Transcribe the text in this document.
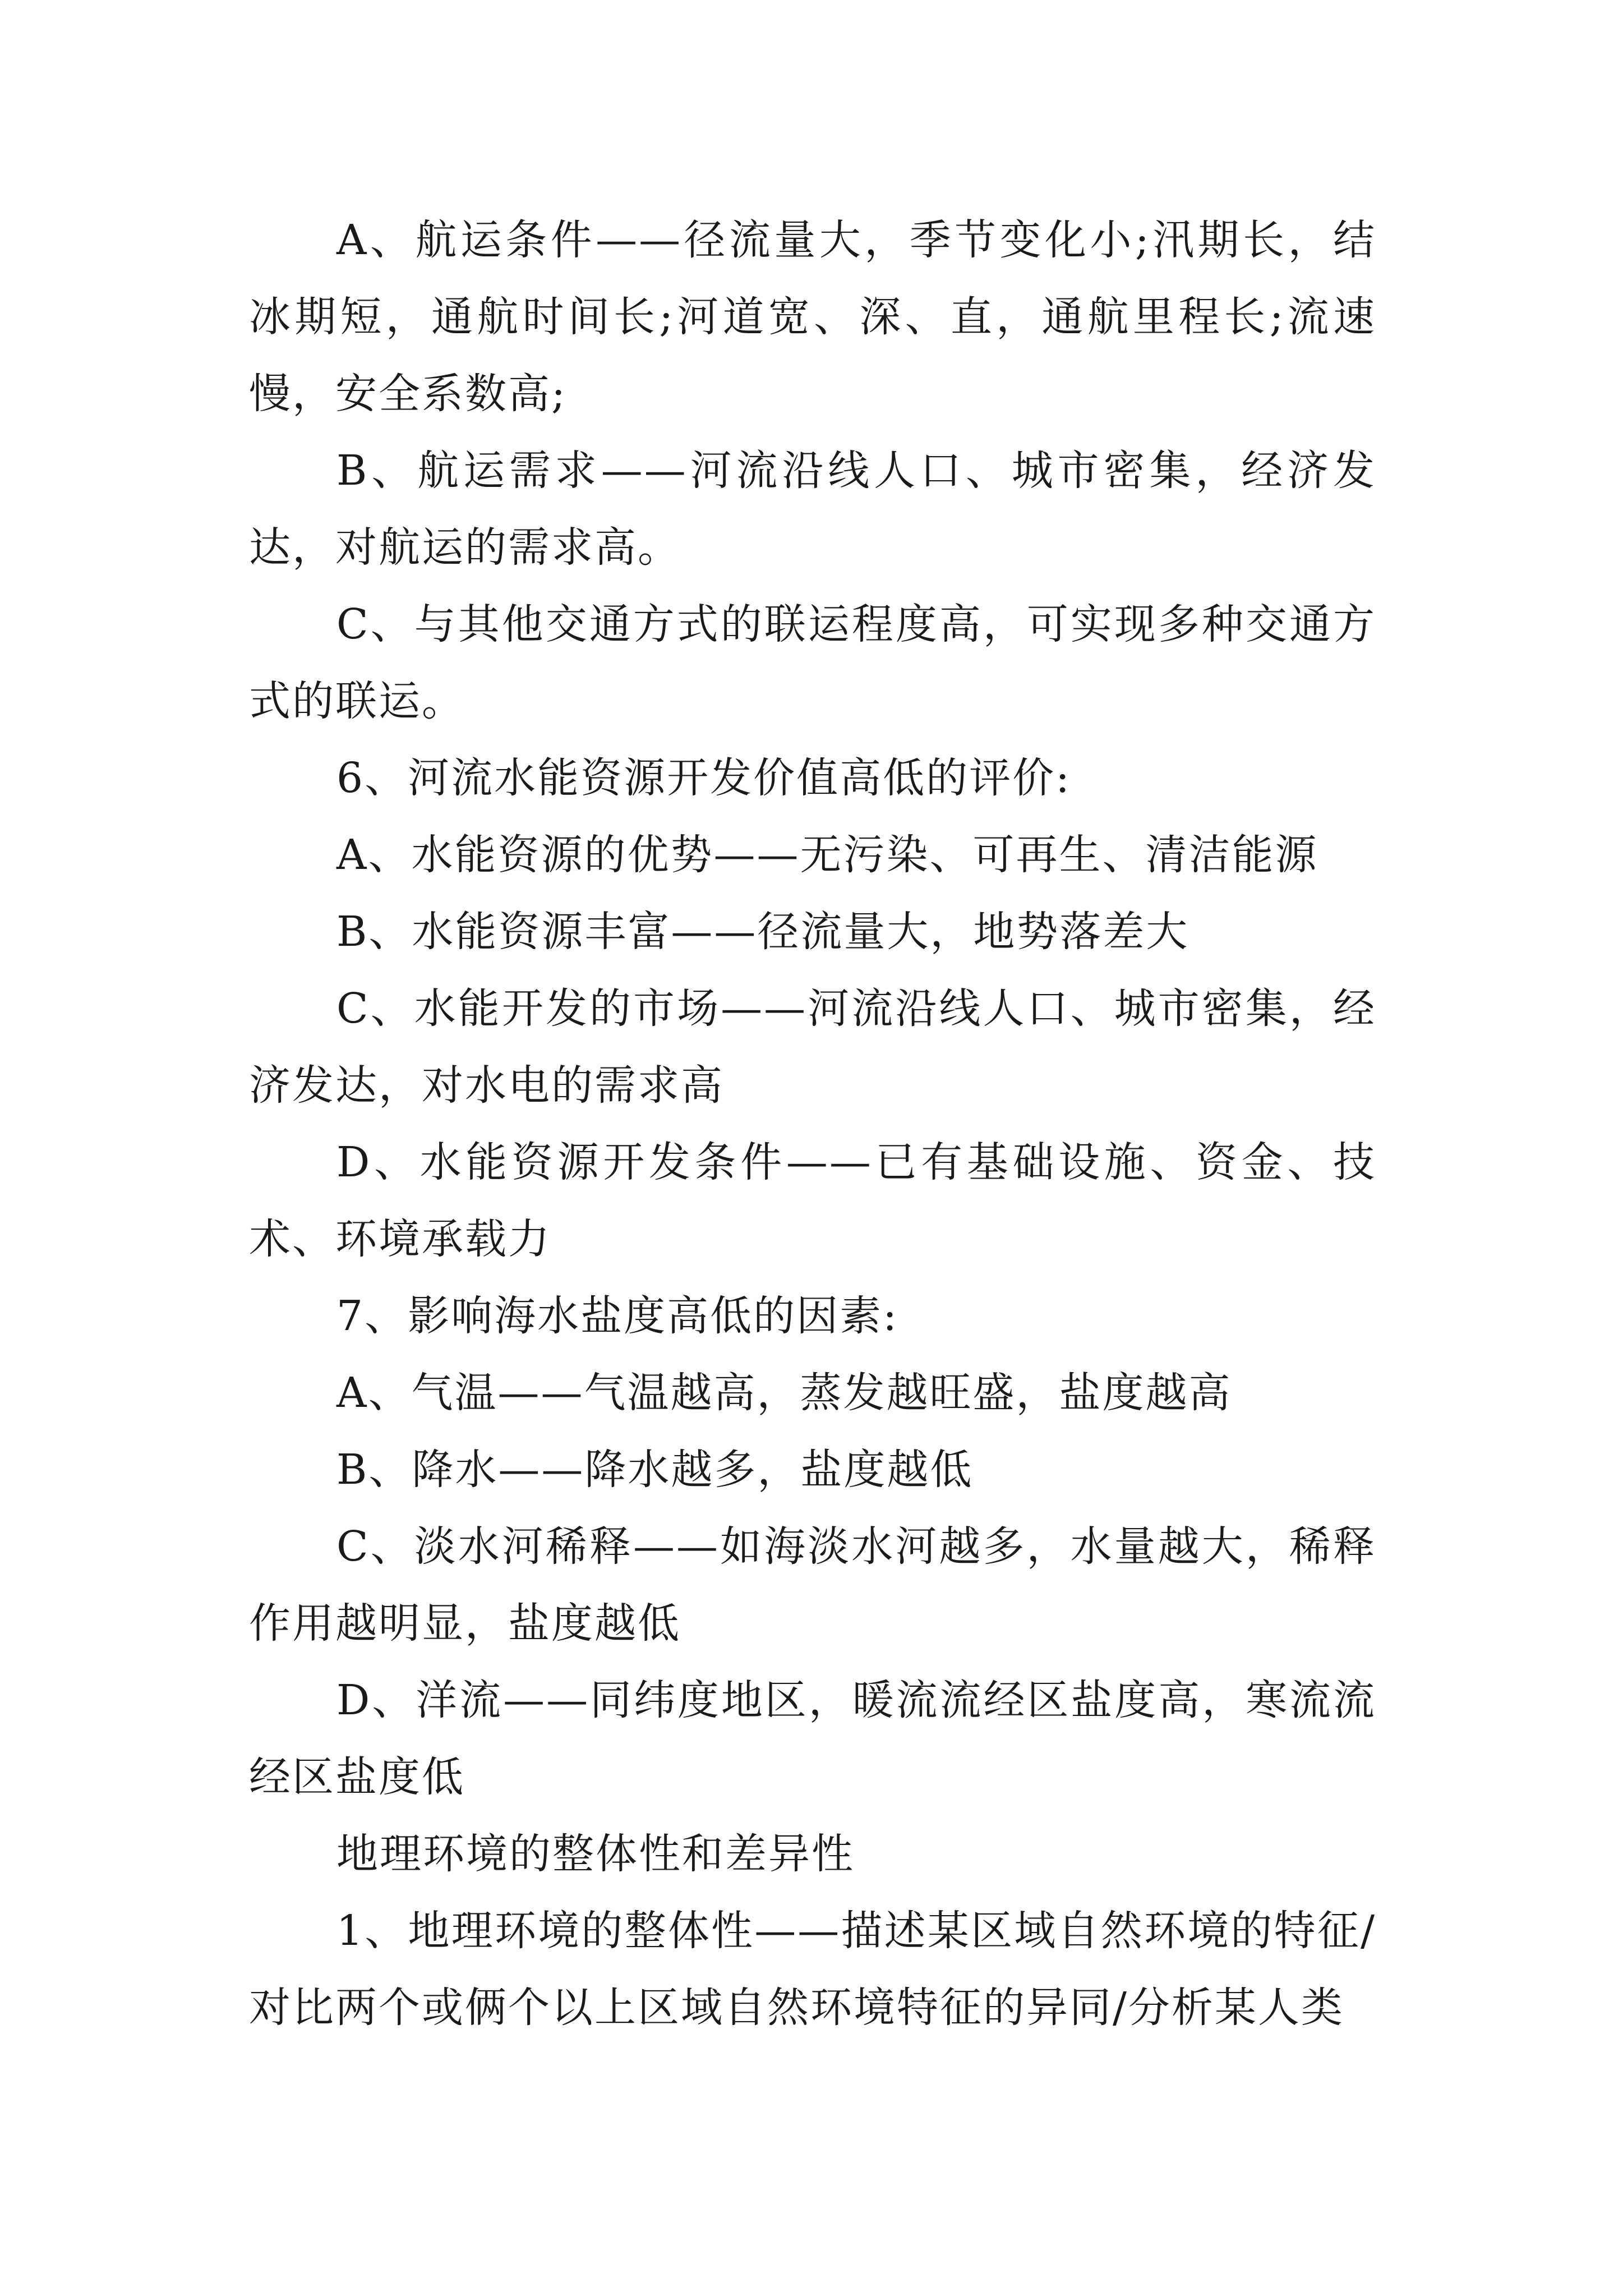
A、航运条件——径流量大，季节变化小;汛期长，结冰期短，通航时间长;河道宽、深、直，通航里程长;流速慢，安全系数高;

B、航运需求——河流沿线人口、城市密集，经济发达，对航运的需求高。

C、与其他交通方式的联运程度高，可实现多种交通方式的联运。

6、河流水能资源开发价值高低的评价:

A、水能资源的优势——无污染、可再生、清洁能源

B、水能资源丰富——径流量大，地势落差大

C、水能开发的市场——河流沿线人口、城市密集，经济发达，对水电的需求高

D、水能资源开发条件——已有基础设施、资金、技术、环境承载力

7、影响海水盐度高低的因素:

A、气温——气温越高，蒸发越旺盛，盐度越高

B、降水——降水越多，盐度越低

C、淡水河稀释——如海淡水河越多，水量越大，稀释作用越明显，盐度越低

D、洋流——同纬度地区，暖流流经区盐度高，寒流流经区盐度低

地理环境的整体性和差异性

1、地理环境的整体性——描述某区域自然环境的特征/对比两个或俩个以上区域自然环境特征的异同/分析某人类
